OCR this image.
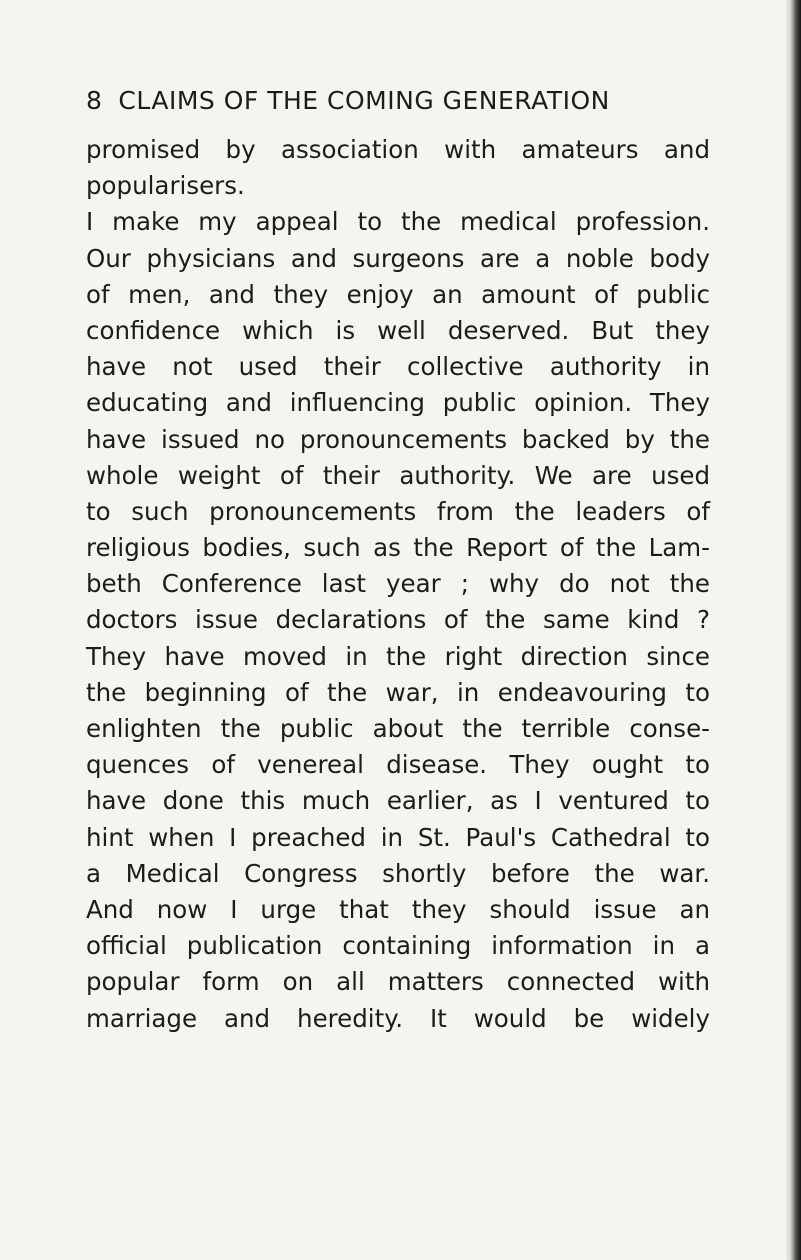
8 CLAIMS OF THE COMING GENERATION
promised by association with amateurs and
popularisers.
I make my appeal to the medical profession.
Our physicians and surgeons are a noble body
of men, and they enjoy an amount of public
confidence which is well deserved. But they
have not used their collective authority in
educating and influencing public opinion. They
have issued no pronouncements backed by the
whole weight of their authority. We are used
to such pronouncements from the leaders of
religious bodies, such as the Report of the Lam-
beth Conference last year ; why do not the
doctors issue declarations of the same kind ?
They have moved in the right direction since
the beginning of the war, in endeavouring to
enlighten the public about the terrible conse-
quences of venereal disease. They ought to
have done this much earlier, as I ventured to
hint when I preached in St. Paul's Cathedral to
a Medical Congress shortly before the war.
And now I urge that they should issue an
official publication containing information in a
popular form on all matters connected with
marriage and heredity. It would be widely
